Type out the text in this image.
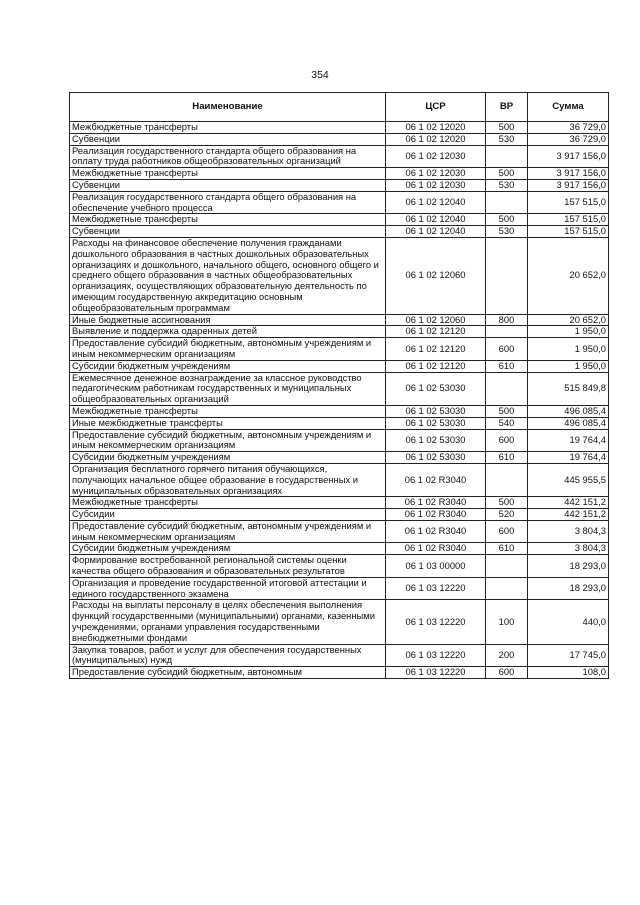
354
Наименование	ЦСР	ВР	Сумма
Межбюджетные трансферты	06 1 02 12020	500	36 729,0
Субвенции	06 1 02 12020	530	36 729,0
Реализация государственного стандарта общего образования на оплату труда работников общеобразовательных организаций	06 1 02 12030		3 917 156,0
Межбюджетные трансферты	06 1 02 12030	500	3 917 156,0
Субвенции	06 1 02 12030	530	3 917 156,0
Реализация государственного стандарта общего образования на обеспечение учебного процесса	06 1 02 12040		157 515,0
Межбюджетные трансферты	06 1 02 12040	500	157 515,0
Субвенции	06 1 02 12040	530	157 515,0
Расходы на финансовое обеспечение получения гражданами дошкольного образования в частных дошкольных образовательных организациях и дошкольного, начального общего, основного общего и среднего общего образования в частных общеобразовательных организациях, осуществляющих образовательную деятельность по имеющим государственную аккредитацию основным общеобразовательным программам	06 1 02 12060		20 652,0
Иные бюджетные ассигнования	06 1 02 12060	800	20 652,0
Выявление и поддержка одаренных детей	06 1 02 12120		1 950,0
Предоставление субсидий бюджетным, автономным учреждениям и иным некоммерческим организациям	06 1 02 12120	600	1 950,0
Субсидии бюджетным учреждениям	06 1 02 12120	610	1 950,0
Ежемесячное денежное вознаграждение за классное руководство педагогическим работникам государственных и муниципальных общеобразовательных организаций	06 1 02 53030		515 849,8
Межбюджетные трансферты	06 1 02 53030	500	496 085,4
Иные межбюджетные трансферты	06 1 02 53030	540	496 085,4
Предоставление субсидий бюджетным, автономным учреждениям и иным некоммерческим организациям	06 1 02 53030	600	19 764,4
Субсидии бюджетным учреждениям	06 1 02 53030	610	19 764,4
Организация бесплатного горячего питания обучающихся, получающих начальное общее образование в государственных и муниципальных образовательных организациях	06 1 02 R3040		445 955,5
Межбюджетные трансферты	06 1 02 R3040	500	442 151,2
Субсидии	06 1 02 R3040	520	442 151,2
Предоставление субсидий бюджетным, автономным учреждениям и иным некоммерческим организациям	06 1 02 R3040	600	3 804,3
Субсидии бюджетным учреждениям	06 1 02 R3040	610	3 804,3
Формирование востребованной региональной системы оценки качества общего образования и образовательных результатов	06 1 03 00000		18 293,0
Организация и проведение государственной итоговой аттестации и единого государственного экзамена	06 1 03 12220		18 293,0
Расходы на выплаты персоналу в целях обеспечения выполнения функций государственными (муниципальными) органами, казенными учреждениями, органами управления государственными внебюджетными фондами	06 1 03 12220	100	440,0
Закупка товаров, работ и услуг для обеспечения государственных (муниципальных) нужд	06 1 03 12220	200	17 745,0
Предоставление субсидий бюджетным, автономным	06 1 03 12220	600	108,0
